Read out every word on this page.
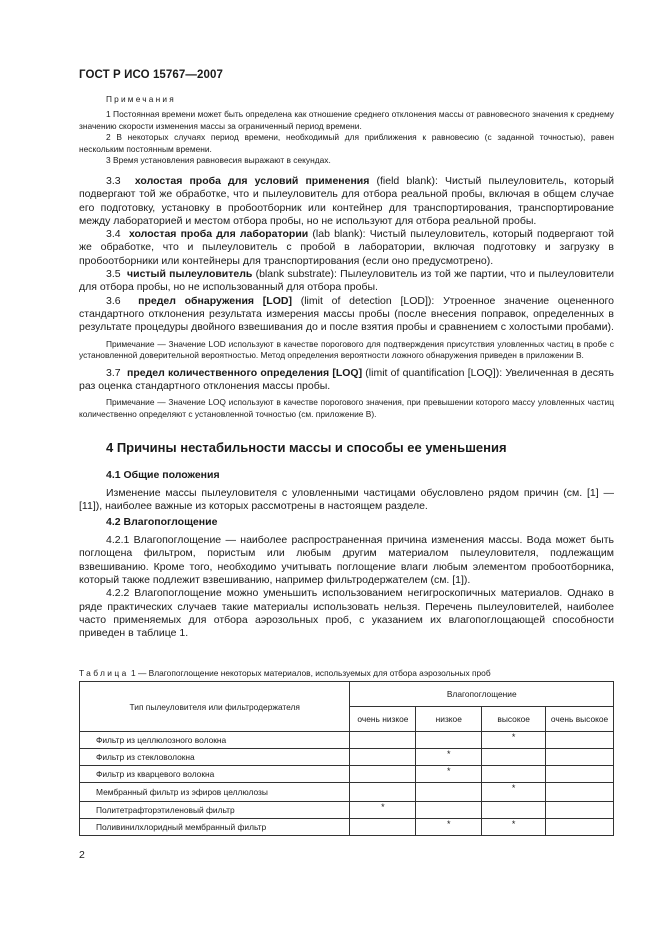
ГОСТ Р ИСО 15767—2007

Примечания

1 Постоянная времени может быть определена как отношение среднего отклонения массы от равновесного значения к среднему значению скорости изменения массы за ограниченный период времени.

2 В некоторых случаях период времени, необходимый для приближения к равновесию (с заданной точностью), равен нескольким постоянным времени.

3 Время установления равновесия выражают в секундах.

3.3 холостая проба для условий применения (field blank): Чистый пылеуловитель, который подвергают той же обработке, что и пылеуловитель для отбора реальной пробы, включая в общем случае его подготовку, установку в пробоотборник или контейнер для транспортирования, транспортирование между лабораторией и местом отбора пробы, но не используют для отбора реальной пробы.

3.4 холостая проба для лаборатории (lab blank): Чистый пылеуловитель, который подвергают той же обработке, что и пылеуловитель с пробой в лаборатории, включая подготовку и загрузку в пробоотборники или контейнеры для транспортирования (если оно предусмотрено).

3.5 чистый пылеуловитель (blank substrate): Пылеуловитель из той же партии, что и пылеуловители для отбора пробы, но не использованный для отбора пробы.

3.6 предел обнаружения [LOD] (limit of detection [LOD]): Утроенное значение оцененного стандартного отклонения результата измерения массы пробы (после внесения поправок, определенных в результате процедуры двойного взвешивания до и после взятия пробы и сравнением с холостыми пробами).

Примечание — Значение LOD используют в качестве порогового для подтверждения присутствия уловленных частиц в пробе с установленной доверительной вероятностью. Метод определения вероятности ложного обнаружения приведен в приложении В.

3.7 предел количественного определения [LOQ] (limit of quantification [LOQ]): Увеличенная в десять раз оценка стандартного отклонения массы пробы.

Примечание — Значение LOQ используют в качестве порогового значения, при превышении которого массу уловленных частиц количественно определяют с установленной точностью (см. приложение В).

4 Причины нестабильности массы и способы ее уменьшения
4.1 Общие положения

Изменение массы пылеуловителя с уловленными частицами обусловлено рядом причин (см. [1] — [11]), наиболее важные из которых рассмотрены в настоящем разделе.

4.2 Влагопоглощение

4.2.1 Влагопоглощение — наиболее распространенная причина изменения массы. Вода может быть поглощена фильтром, пористым или любым другим материалом пылеуловителя, подлежащим взвешиванию. Кроме того, необходимо учитывать поглощение влаги любым элементом пробоотборника, который также подлежит взвешиванию, например фильтродержателем (см. [1]).

4.2.2 Влагопоглощение можно уменьшить использованием негигроскопичных материалов. Однако в ряде практических случаев такие материалы использовать нельзя. Перечень пылеуловителей, наиболее часто применяемых для отбора аэрозольных проб, с указанием их влагопоглощающей способности приведен в таблице 1.

Таблица 1 — Влагопоглощение некоторых материалов, используемых для отбора аэрозольных проб
Тип пылеуловителя или фильтродержателя	Влагопоглощение			
	очень низкое	низкое	высокое	очень высокое
Фильтр из целлюлозного волокна			*	
Фильтр из стекловолокна		*		
Фильтр из кварцевого волокна		*		
Мембранный фильтр из эфиров целлюлозы			*	
Политетрафторэтиленовый фильтр	*			
Поливинилхлоридный мембранный фильтр		*	*	
2
